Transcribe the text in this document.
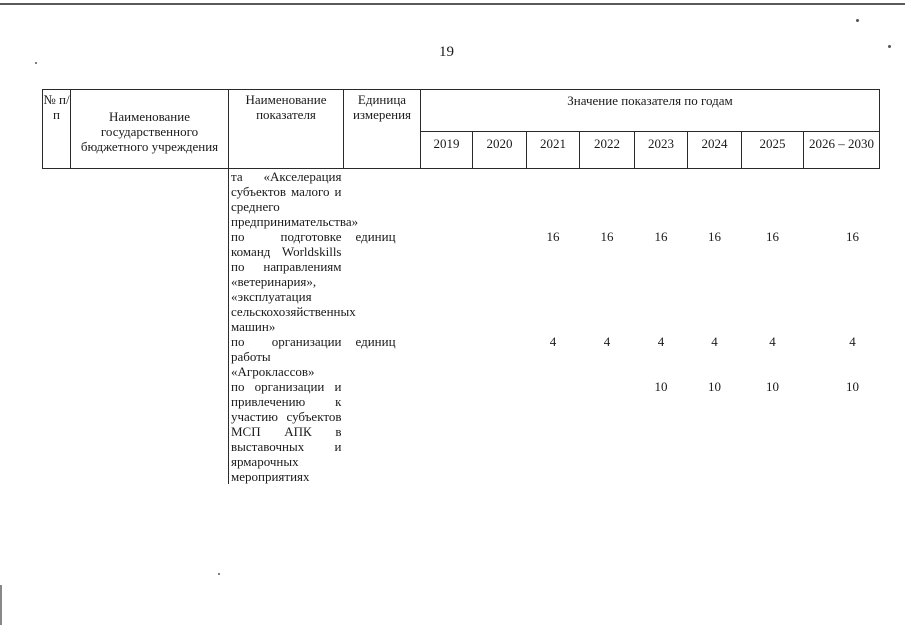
19
№ п/п	Наименование государственного бюджетного учреждения	Наименование показателя	Единица измерения	Значение показателя по годам							
				2019	2020	2021	2022	2023	2024	2025	2026 – 2030
		та «Акселерация субъектов малого и среднего предпринимательства»									
		по подготовке команд Worldskills по направлениям «ветеринария», «эксплуатация сельскохозяйственных машин»	единиц			16	16	16	16	16	16
		по организации работы «Агроклассов»	единиц			4	4	4	4	4	4
		по организации и привлечению к участию субъектов МСП АПК в выставочных и ярмарочных мероприятиях						10	10	10	10
